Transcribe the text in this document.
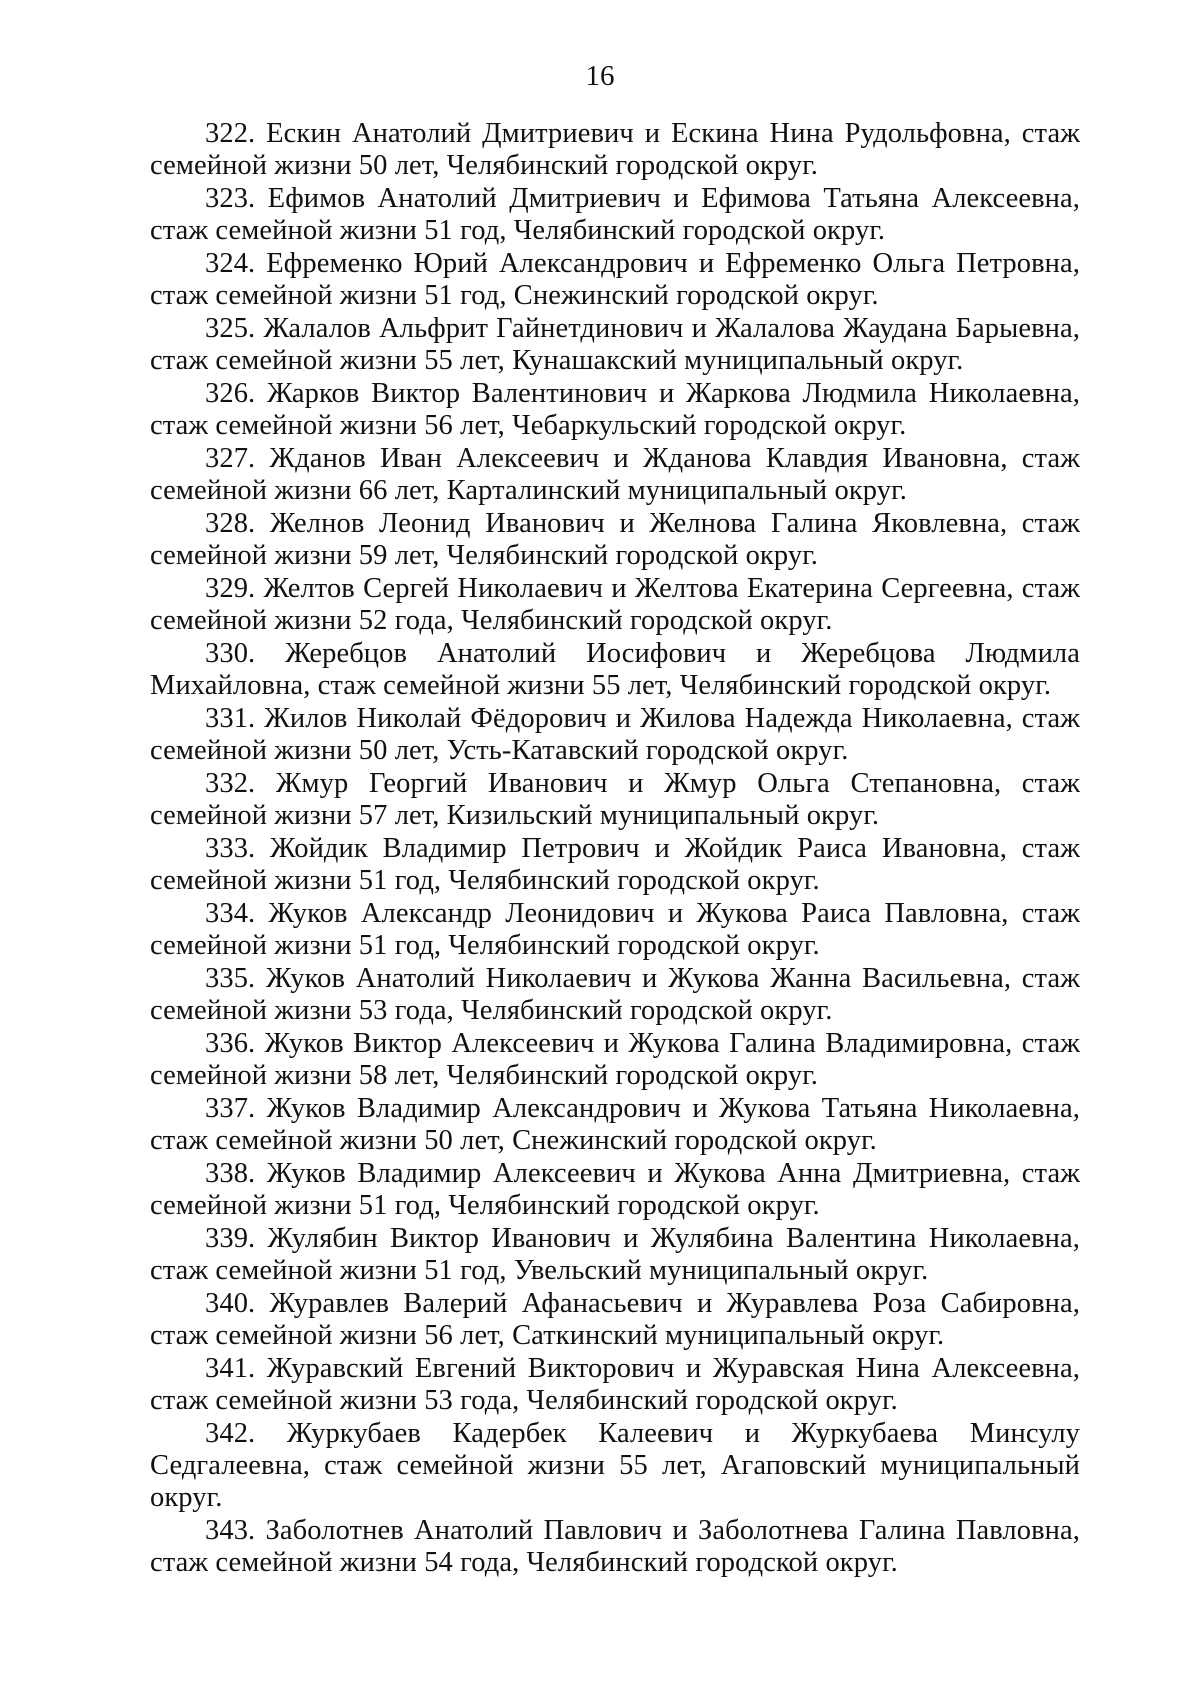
16
322. Ескин Анатолий Дмитриевич и Ескина Нина Рудольфовна, стаж семейной жизни 50 лет, Челябинский городской округ.
323. Ефимов Анатолий Дмитриевич и Ефимова Татьяна Алексеевна, стаж семейной жизни 51 год, Челябинский городской округ.
324. Ефременко Юрий Александрович и Ефременко Ольга Петровна, стаж семейной жизни 51 год, Снежинский городской округ.
325. Жалалов Альфрит Гайнетдинович и Жалалова Жаудана Барыевна, стаж семейной жизни 55 лет, Кунашакский муниципальный округ.
326. Жарков Виктор Валентинович и Жаркова Людмила Николаевна, стаж семейной жизни 56 лет, Чебаркульский городской округ.
327. Жданов Иван Алексеевич и Жданова Клавдия Ивановна, стаж семейной жизни 66 лет, Карталинский муниципальный округ.
328. Желнов Леонид Иванович и Желнова Галина Яковлевна, стаж семейной жизни 59 лет, Челябинский городской округ.
329. Желтов Сергей Николаевич и Желтова Екатерина Сергеевна, стаж семейной жизни 52 года, Челябинский городской округ.
330. Жеребцов Анатолий Иосифович и Жеребцова Людмила Михайловна, стаж семейной жизни 55 лет, Челябинский городской округ.
331. Жилов Николай Фёдорович и Жилова Надежда Николаевна, стаж семейной жизни 50 лет, Усть-Катавский городской округ.
332. Жмур Георгий Иванович и Жмур Ольга Степановна, стаж семейной жизни 57 лет, Кизильский муниципальный округ.
333. Жойдик Владимир Петрович и Жойдик Раиса Ивановна, стаж семейной жизни 51 год, Челябинский городской округ.
334. Жуков Александр Леонидович и Жукова Раиса Павловна, стаж семейной жизни 51 год, Челябинский городской округ.
335. Жуков Анатолий Николаевич и Жукова Жанна Васильевна, стаж семейной жизни 53 года, Челябинский городской округ.
336. Жуков Виктор Алексеевич и Жукова Галина Владимировна, стаж семейной жизни 58 лет, Челябинский городской округ.
337. Жуков Владимир Александрович и Жукова Татьяна Николаевна, стаж семейной жизни 50 лет, Снежинский городской округ.
338. Жуков Владимир Алексеевич и Жукова Анна Дмитриевна, стаж семейной жизни 51 год, Челябинский городской округ.
339. Жулябин Виктор Иванович и Жулябина Валентина Николаевна, стаж семейной жизни 51 год, Увельский муниципальный округ.
340. Журавлев Валерий Афанасьевич и Журавлева Роза Сабировна, стаж семейной жизни 56 лет, Саткинский муниципальный округ.
341. Журавский Евгений Викторович и Журавская Нина Алексеевна, стаж семейной жизни 53 года, Челябинский городской округ.
342. Журкубаев Кадербек Калеевич и Журкубаева Минсулу Седгалеевна, стаж семейной жизни 55 лет, Агаповский муниципальный округ.
343. Заболотнев Анатолий Павлович и Заболотнева Галина Павловна, стаж семейной жизни 54 года, Челябинский городской округ.
